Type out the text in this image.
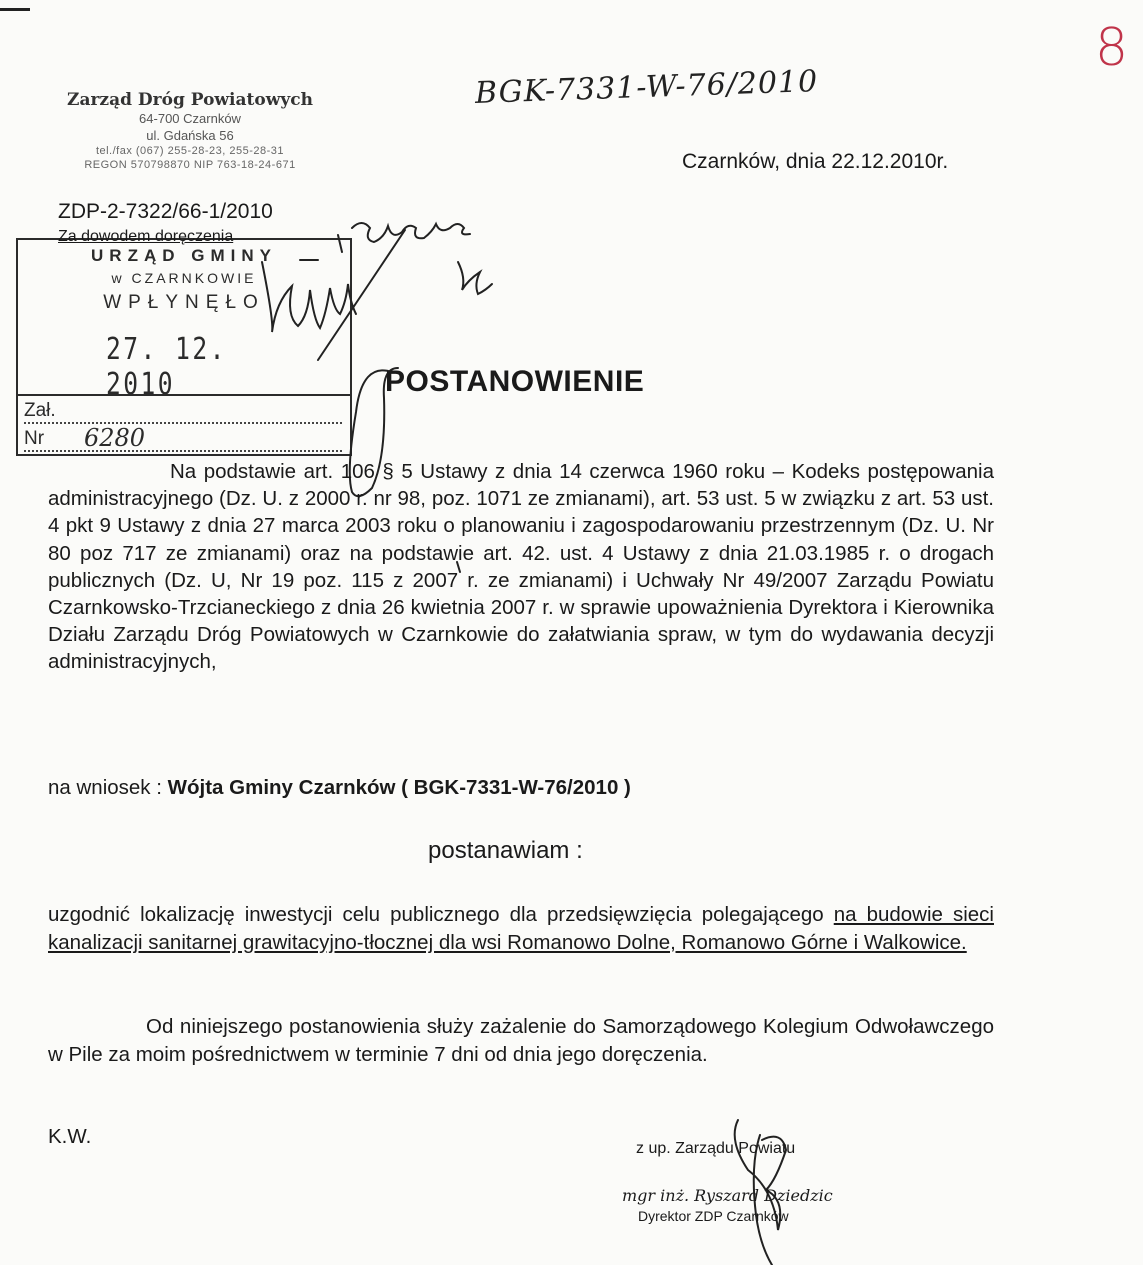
8
BGK-7331-W-76/2010
Zarząd Dróg Powiatowych
64-700 Czarnków
ul. Gdańska 56
tel./fax (067) 255-28-23, 255-28-31
REGON 570798870 NIP 763-18-24-671	Czarnków, dnia 22.12.2010r.
ZDP-2-7322/66-1/2010
URZĄD GMINY
w CZARNKOWIE
WPŁYNĘŁO
27. 12. 2010
Zał.
Nr 6280
Za dowodem doręczenia
POSTANOWIENIE
Na podstawie art. 106 § 5 Ustawy z dnia 14 czerwca 1960 roku – Kodeks postępowania administracyjnego (Dz. U. z 2000 r. nr 98, poz. 1071 ze zmianami), art. 53 ust. 5 w związku z art. 53 ust. 4 pkt 9 Ustawy z dnia 27 marca 2003 roku o planowaniu i zagospodarowaniu przestrzennym (Dz. U. Nr 80 poz 717 ze zmianami) oraz na podstawie art. 42. ust. 4 Ustawy z dnia 21.03.1985 r. o drogach publicznych (Dz. U, Nr 19 poz. 115 z 2007 r. ze zmianami) i Uchwały Nr 49/2007 Zarządu Powiatu Czarnkowsko-Trzcianeckiego z dnia 26 kwietnia 2007 r. w sprawie upoważnienia Dyrektora i Kierownika Działu Zarządu Dróg Powiatowych w Czarnkowie do załatwiania spraw, w tym do wydawania decyzji administracyjnych,
na wniosek : Wójta Gminy Czarnków ( BGK-7331-W-76/2010 )
postanawiam :
uzgodnić lokalizację inwestycji celu publicznego dla przedsięwzięcia polegającego na budowie sieci kanalizacji sanitarnej grawitacyjno-tłocznej dla wsi Romanowo Dolne, Romanowo Górne i Walkowice.
Od niniejszego postanowienia służy zażalenie do Samorządowego Kolegium Odwoławczego w Pile za moim pośrednictwem w terminie 7 dni od dnia jego doręczenia.
K.W.
z up. Zarządu Powiatu
mgr inż. Ryszard Dziedzic
Dyrektor ZDP Czarnków
